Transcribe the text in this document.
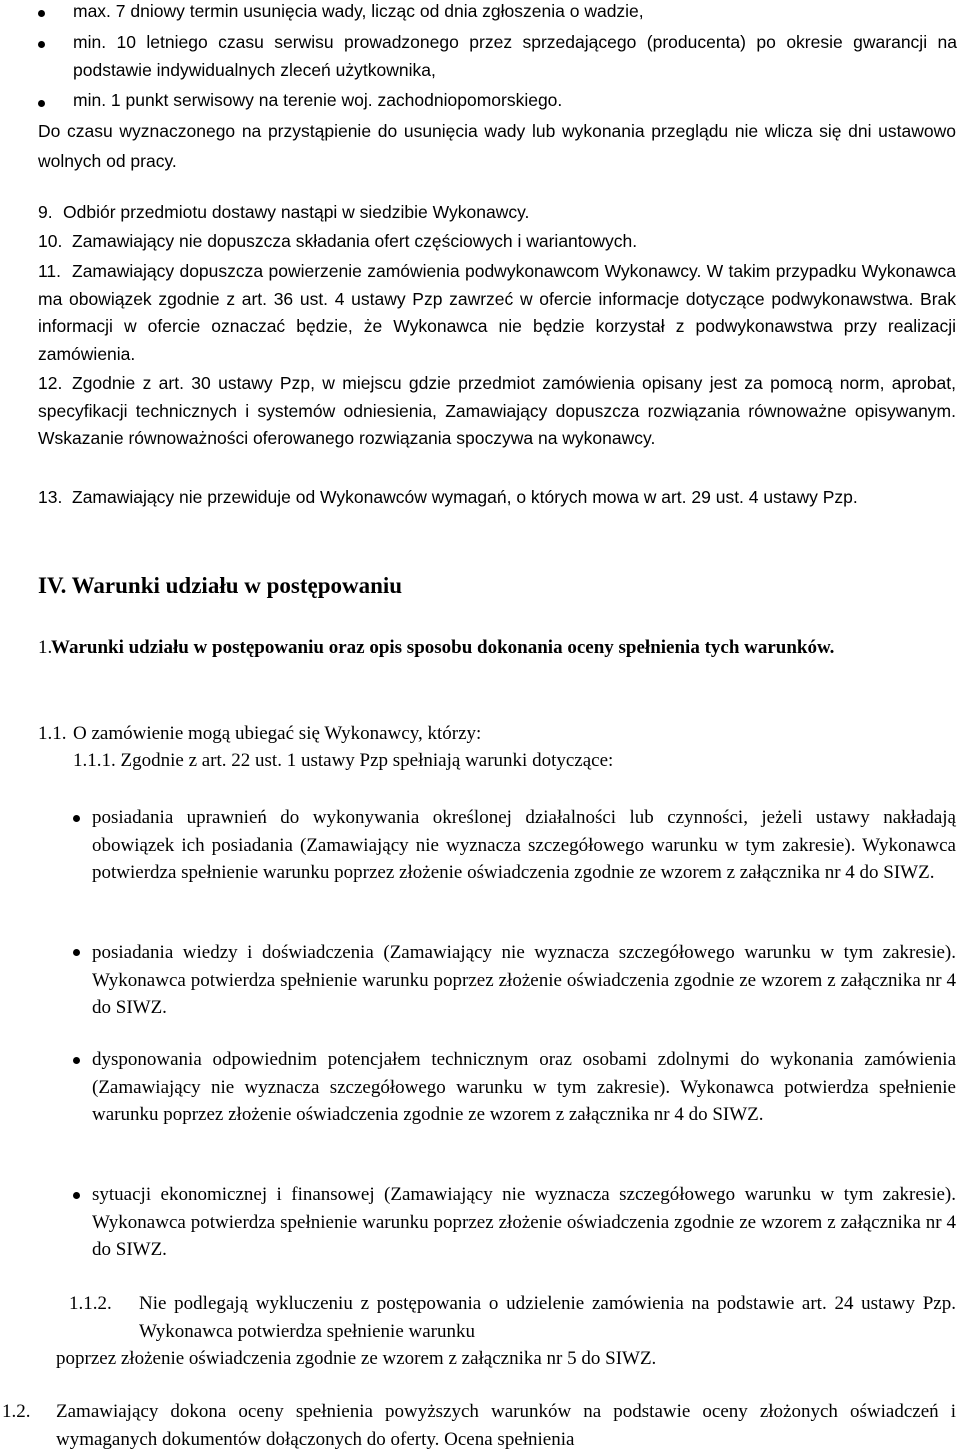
max. 7 dniowy termin usunięcia wady, licząc od dnia zgłoszenia o wadzie,
min. 10 letniego czasu serwisu prowadzonego przez sprzedającego (producenta) po okresie gwarancji na podstawie indywidualnych zleceń użytkownika,
min. 1 punkt serwisowy na terenie woj. zachodniopomorskiego.
Do czasu wyznaczonego na przystąpienie do usunięcia wady lub wykonania przeglądu nie wlicza się dni ustawowo wolnych od pracy.
9. Odbiór przedmiotu dostawy nastąpi w siedzibie Wykonawcy.
10. Zamawiający nie dopuszcza składania ofert częściowych i wariantowych.
11. Zamawiający dopuszcza powierzenie zamówienia podwykonawcom Wykonawcy. W takim przypadku Wykonawca ma obowiązek zgodnie z art. 36 ust. 4 ustawy Pzp zawrzeć w ofercie informacje dotyczące podwykonawstwa. Brak informacji w ofercie oznaczać będzie, że Wykonawca nie będzie korzystał z podwykonawstwa przy realizacji zamówienia.
12. Zgodnie z art. 30 ustawy Pzp, w miejscu gdzie przedmiot zamówienia opisany jest za pomocą norm, aprobat, specyfikacji technicznych i systemów odniesienia, Zamawiający dopuszcza rozwiązania równoważne opisywanym. Wskazanie równoważności oferowanego rozwiązania spoczywa na wykonawcy.
13. Zamawiający nie przewiduje od Wykonawców wymagań, o których mowa w art. 29 ust. 4 ustawy Pzp.
IV. Warunki udziału w postępowaniu
1.
Warunki udziału w postępowaniu oraz opis sposobu dokonania oceny spełnienia tych warunków.
1.1. O zamówienie mogą ubiegać się Wykonawcy, którzy:
1.1.1. Zgodnie z art. 22 ust. 1 ustawy Pzp spełniają warunki dotyczące:
posiadania uprawnień do wykonywania określonej działalności lub czynności, jeżeli ustawy nakładają obowiązek ich posiadania (Zamawiający nie wyznacza szczegółowego warunku w tym zakresie). Wykonawca potwierdza spełnienie warunku poprzez złożenie oświadczenia zgodnie ze wzorem z załącznika nr 4 do SIWZ.
posiadania wiedzy i doświadczenia (Zamawiający nie wyznacza szczegółowego warunku w tym zakresie). Wykonawca potwierdza spełnienie warunku poprzez złożenie oświadczenia zgodnie ze wzorem z załącznika nr 4 do SIWZ.
dysponowania odpowiednim potencjałem technicznym oraz osobami zdolnymi do wykonania zamówienia (Zamawiający nie wyznacza szczegółowego warunku w tym zakresie). Wykonawca potwierdza spełnienie warunku poprzez złożenie oświadczenia zgodnie ze wzorem z załącznika nr 4 do SIWZ.
sytuacji ekonomicznej i finansowej (Zamawiający nie wyznacza szczegółowego warunku w tym zakresie). Wykonawca potwierdza spełnienie warunku poprzez złożenie oświadczenia zgodnie ze wzorem z załącznika nr 4 do SIWZ.
1.1.2. Nie podlegają wykluczeniu z postępowania o udzielenie zamówienia na podstawie art. 24 ustawy Pzp. Wykonawca potwierdza spełnienie warunku
poprzez złożenie oświadczenia zgodnie ze wzorem z załącznika nr 5 do SIWZ.
1.2. Zamawiający dokona oceny spełnienia powyższych warunków na podstawie oceny złożonych oświadczeń i wymaganych dokumentów dołączonych do oferty. Ocena spełnienia
